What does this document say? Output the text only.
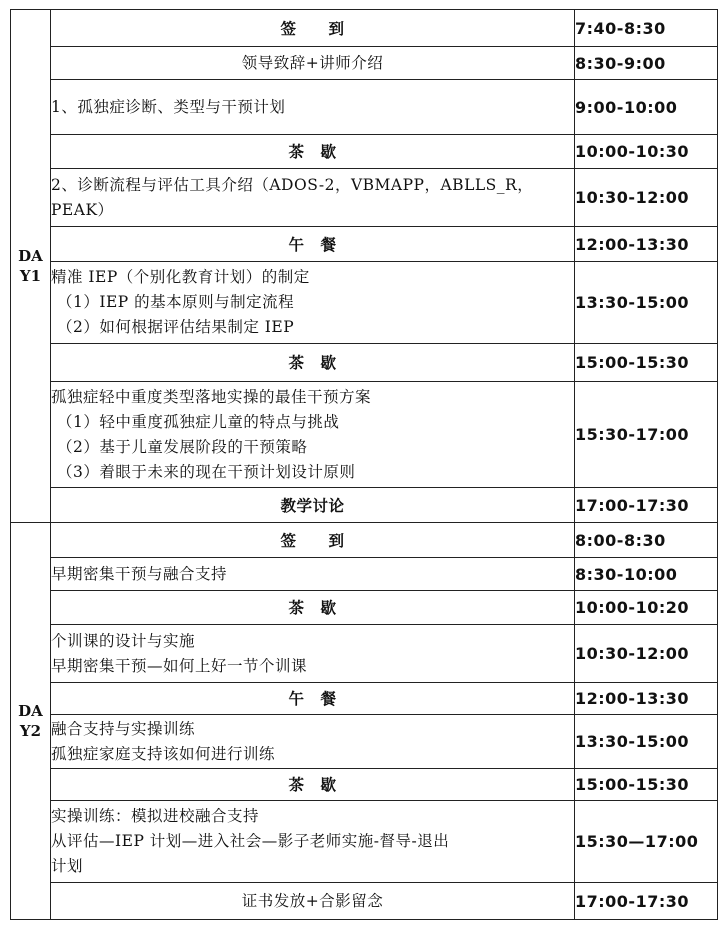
DA
Y1	签　　到	7:40-8:30
	领导致辞+讲师介绍	8:30-9:00
	1、孤独症诊断、类型与干预计划	9:00-10:00
	茶　歇	10:00-10:30

	2、诊断流程与评估工具介绍（ADOS-2，VBMAPP，ABLLS_R，
PEAK）	10:30-12:00
	午　餐	12:00-13:30

	精准 IEP（个别化教育计划）的制定
（1）IEP 的基本原则与制定流程
（2）如何根据评估结果制定 IEP	13:30-15:00
	茶　歇	15:00-15:30

	孤独症轻中重度类型落地实操的最佳干预方案
（1）轻中重度孤独症儿童的特点与挑战
（2）基于儿童发展阶段的干预策略
（3）着眼于未来的现在干预计划设计原则	15:30-17:00
	教学讨论	17:00-17:30

DA
Y2	签　　到	8:00-8:30
	早期密集干预与融合支持	8:30-10:00
	茶　歇	10:00-10:20

	个训课的设计与实施
早期密集干预—如何上好一节个训课	10:30-12:00
	午　餐	12:00-13:30

	融合支持与实操训练
孤独症家庭支持该如何进行训练	13:30-15:00
	茶　歇	15:00-15:30

	实操训练：模拟进校融合支持
从评估—IEP 计划—进入社会—影子老师实施-督导-退出
计划	15:30—17:00
	证书发放+合影留念	17:00-17:30
